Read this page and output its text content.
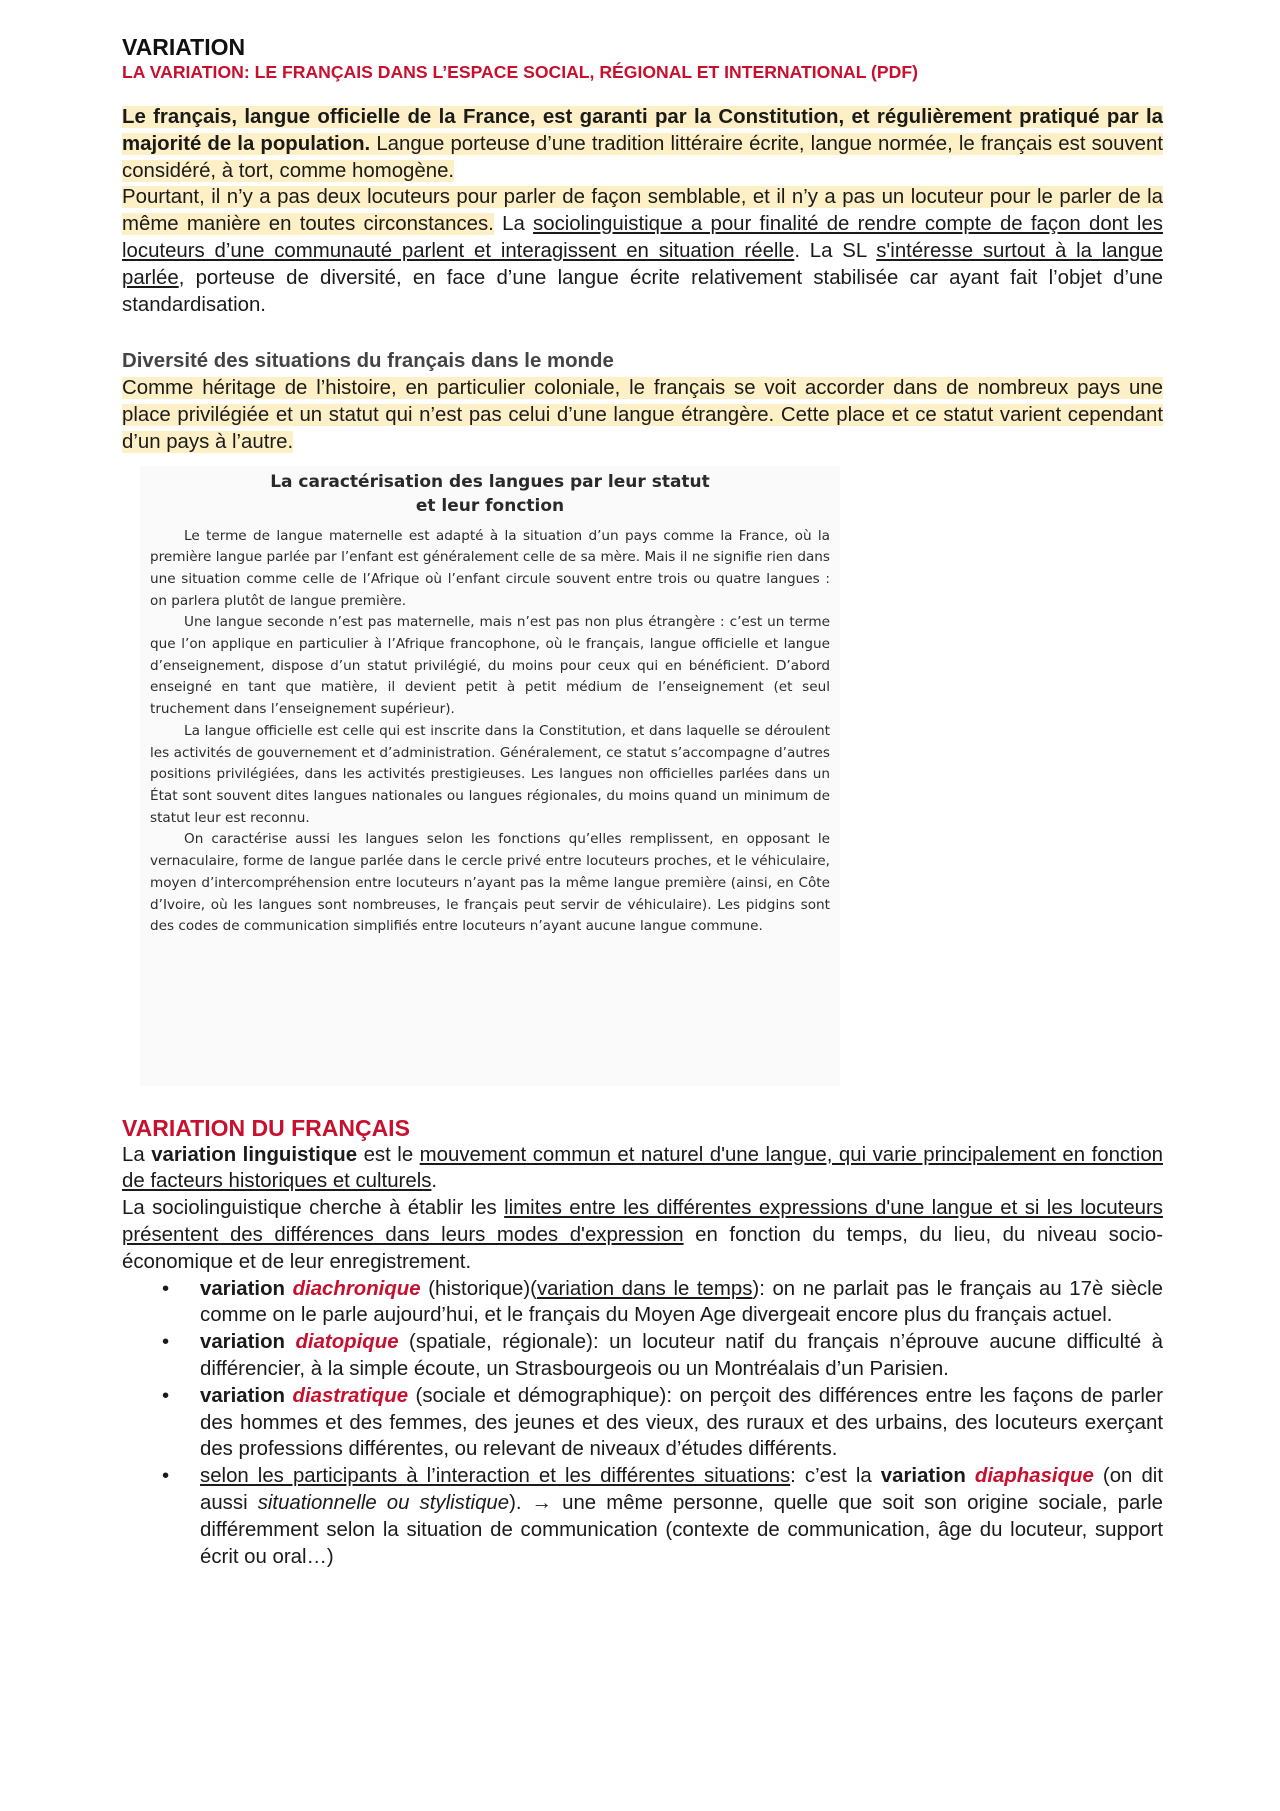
VARIATION

LA VARIATION: LE FRANÇAIS DANS L’ESPACE SOCIAL, RÉGIONAL ET INTERNATIONAL (PDF)

Le français, langue officielle de la France, est garanti par la Constitution, et régulièrement pratiqué par la majorité de la population. Langue porteuse d’une tradition littéraire écrite, langue normée, le français est souvent considéré, à tort, comme homogène.

Pourtant, il n’y a pas deux locuteurs pour parler de façon semblable, et il n’y a pas un locuteur pour le parler de la même manière en toutes circonstances. La sociolinguistique a pour finalité de rendre compte de façon dont les locuteurs d’une communauté parlent et interagissent en situation réelle. La SL s'intéresse surtout à la langue parlée, porteuse de diversité, en face d’une langue écrite relativement stabilisée car ayant fait l’objet d’une standardisation.

Diversité des situations du français dans le monde

Comme héritage de l’histoire, en particulier coloniale, le français se voit accorder dans de nombreux pays une place privilégiée et un statut qui n’est pas celui d’une langue étrangère. Cette place et ce statut varient cependant d’un pays à l’autre.

La caractérisation des langues par leur statut
et leur fonction

Le terme de langue maternelle est adapté à la situation d’un pays comme la France, où la première langue parlée par l’enfant est généralement celle de sa mère. Mais il ne signifie rien dans une situation comme celle de l’Afrique où l’enfant circule souvent entre trois ou quatre langues : on parlera plutôt de langue première.

Une langue seconde n’est pas maternelle, mais n’est pas non plus étrangère : c’est un terme que l’on applique en particulier à l’Afrique francophone, où le français, langue officielle et langue d’enseignement, dispose d’un statut privilégié, du moins pour ceux qui en bénéficient. D’abord enseigné en tant que matière, il devient petit à petit médium de l’enseignement (et seul truchement dans l’enseignement supérieur).

La langue officielle est celle qui est inscrite dans la Constitution, et dans laquelle se déroulent les activités de gouvernement et d’administration. Généralement, ce statut s’accompagne d’autres positions privilégiées, dans les activités prestigieuses. Les langues non officielles parlées dans un État sont souvent dites langues nationales ou langues régionales, du moins quand un minimum de statut leur est reconnu.

On caractérise aussi les langues selon les fonctions qu’elles remplissent, en opposant le vernaculaire, forme de langue parlée dans le cercle privé entre locuteurs proches, et le véhiculaire, moyen d’intercompréhension entre locuteurs n’ayant pas la même langue première (ainsi, en Côte d’Ivoire, où les langues sont nombreuses, le français peut servir de véhiculaire). Les pidgins sont des codes de communication simplifiés entre locuteurs n’ayant aucune langue commune.

VARIATION DU FRANÇAIS

La variation linguistique est le mouvement commun et naturel d'une langue, qui varie principalement en fonction de facteurs historiques et culturels.

La sociolinguistique cherche à établir les limites entre les différentes expressions d'une langue et si les locuteurs présentent des différences dans leurs modes d'expression en fonction du temps, du lieu, du niveau socio-économique et de leur enregistrement.

• variation diachronique (historique)(variation dans le temps): on ne parlait pas le français au 17è siècle comme on le parle aujourd’hui, et le français du Moyen Age divergeait encore plus du français actuel.
• variation diatopique (spatiale, régionale): un locuteur natif du français n’éprouve aucune difficulté à différencier, à la simple écoute, un Strasbourgeois ou un Montréalais d’un Parisien.
• variation diastratique (sociale et démographique): on perçoit des différences entre les façons de parler des hommes et des femmes, des jeunes et des vieux, des ruraux et des urbains, des locuteurs exerçant des professions différentes, ou relevant de niveaux d’études différents.
• selon les participants à l’interaction et les différentes situations: c’est la variation diaphasique (on dit aussi situationnelle ou stylistique). → une même personne, quelle que soit son origine sociale, parle différemment selon la situation de communication (contexte de communication, âge du locuteur, support écrit ou oral…)
